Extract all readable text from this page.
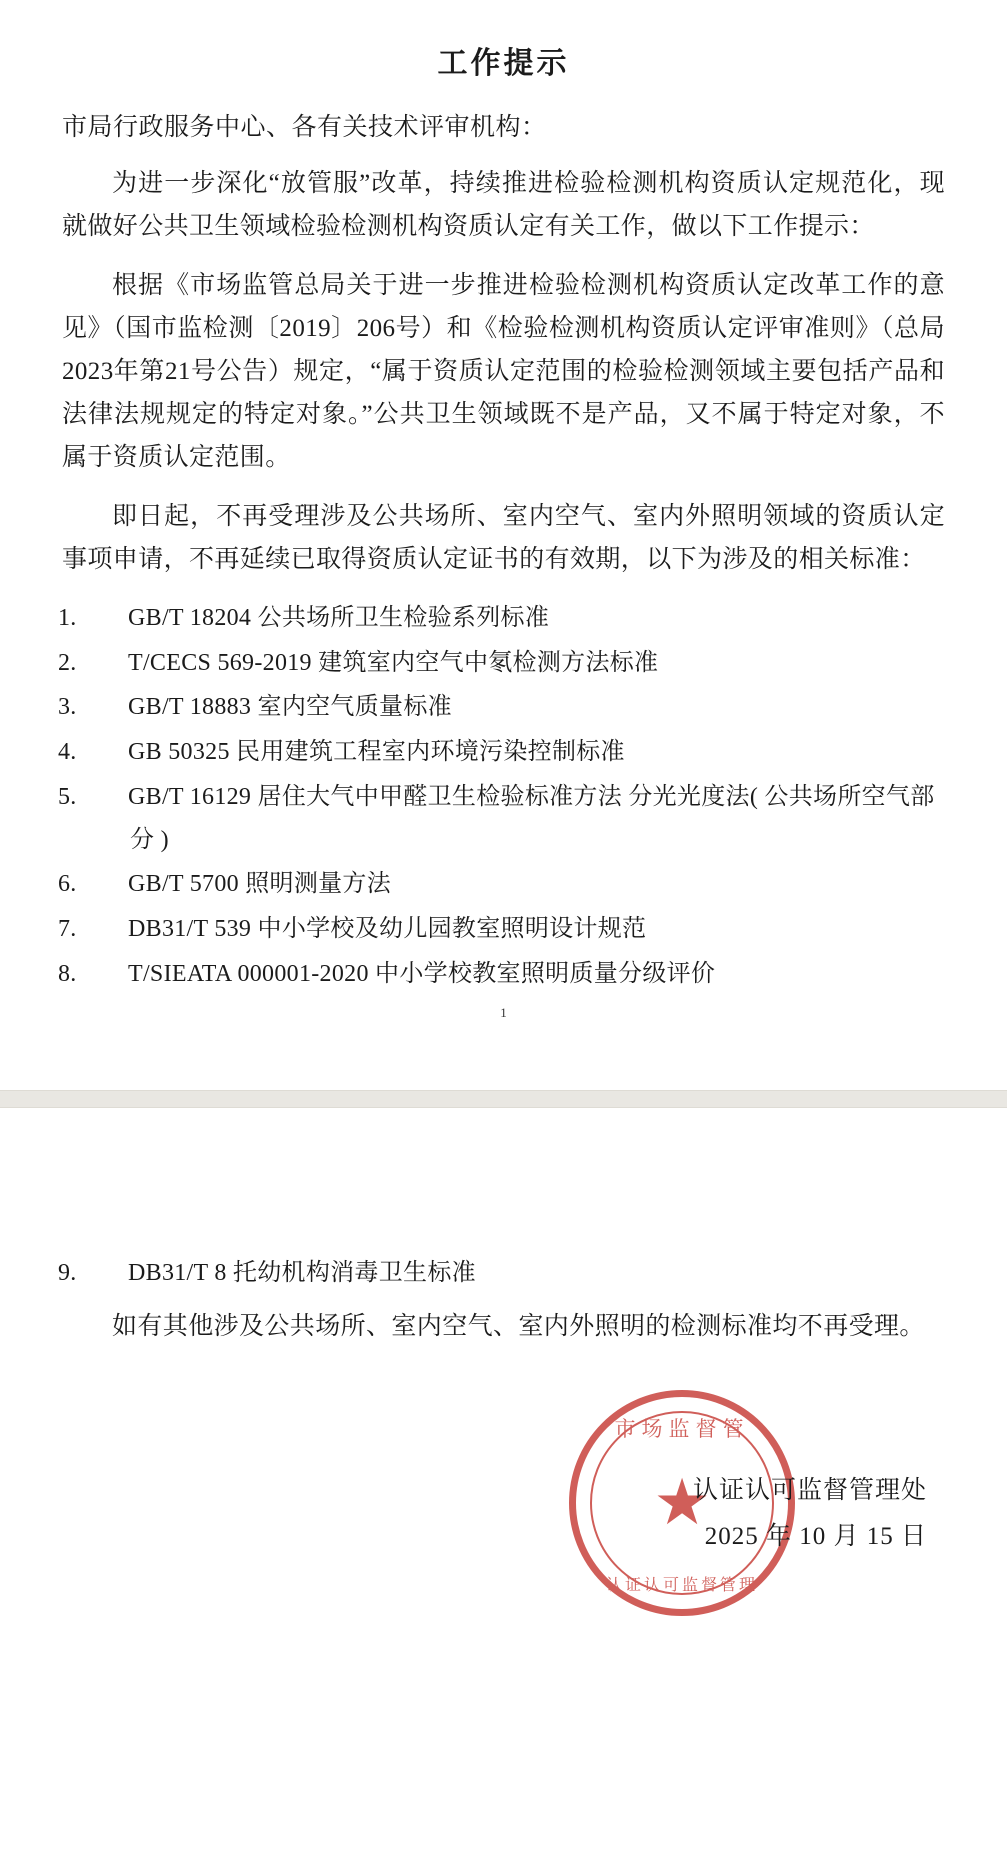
工作提示
市局行政服务中心、各有关技术评审机构：

为进一步深化“放管服”改革，持续推进检验检测机构资质认定规范化，现就做好公共卫生领域检验检测机构资质认定有关工作，做以下工作提示：

根据《市场监管总局关于进一步推进检验检测机构资质认定改革工作的意见》（国市监检测〔2019〕206号）和《检验检测机构资质认定评审准则》（总局2023年第21号公告）规定，“属于资质认定范围的检验检测领域主要包括产品和法律法规规定的特定对象。”公共卫生领域既不是产品，又不属于特定对象，不属于资质认定范围。

即日起，不再受理涉及公共场所、室内空气、室内外照明领域的资质认定事项申请，不再延续已取得资质认定证书的有效期，以下为涉及的相关标准：

1. GB/T 18204 公共场所卫生检验系列标准
2. T/CECS 569-2019 建筑室内空气中氡检测方法标准
3. GB/T 18883 室内空气质量标准
4. GB 50325 民用建筑工程室内环境污染控制标准
5. GB/T 16129 居住大气中甲醛卫生检验标准方法 分光光度法( 公共场所空气部分 )
6. GB/T 5700 照明测量方法
7. DB31/T 539 中小学校及幼儿园教室照明设计规范
8. T/SIEATA 000001-2020 中小学校教室照明质量分级评价
1
9. DB31/T 8 托幼机构消毒卫生标准

如有其他涉及公共场所、室内空气、室内外照明的检测标准均不再受理。

市场监督管
★
认证认可监督管理
认证认可监督管理处
2025 年 10 月 15 日
